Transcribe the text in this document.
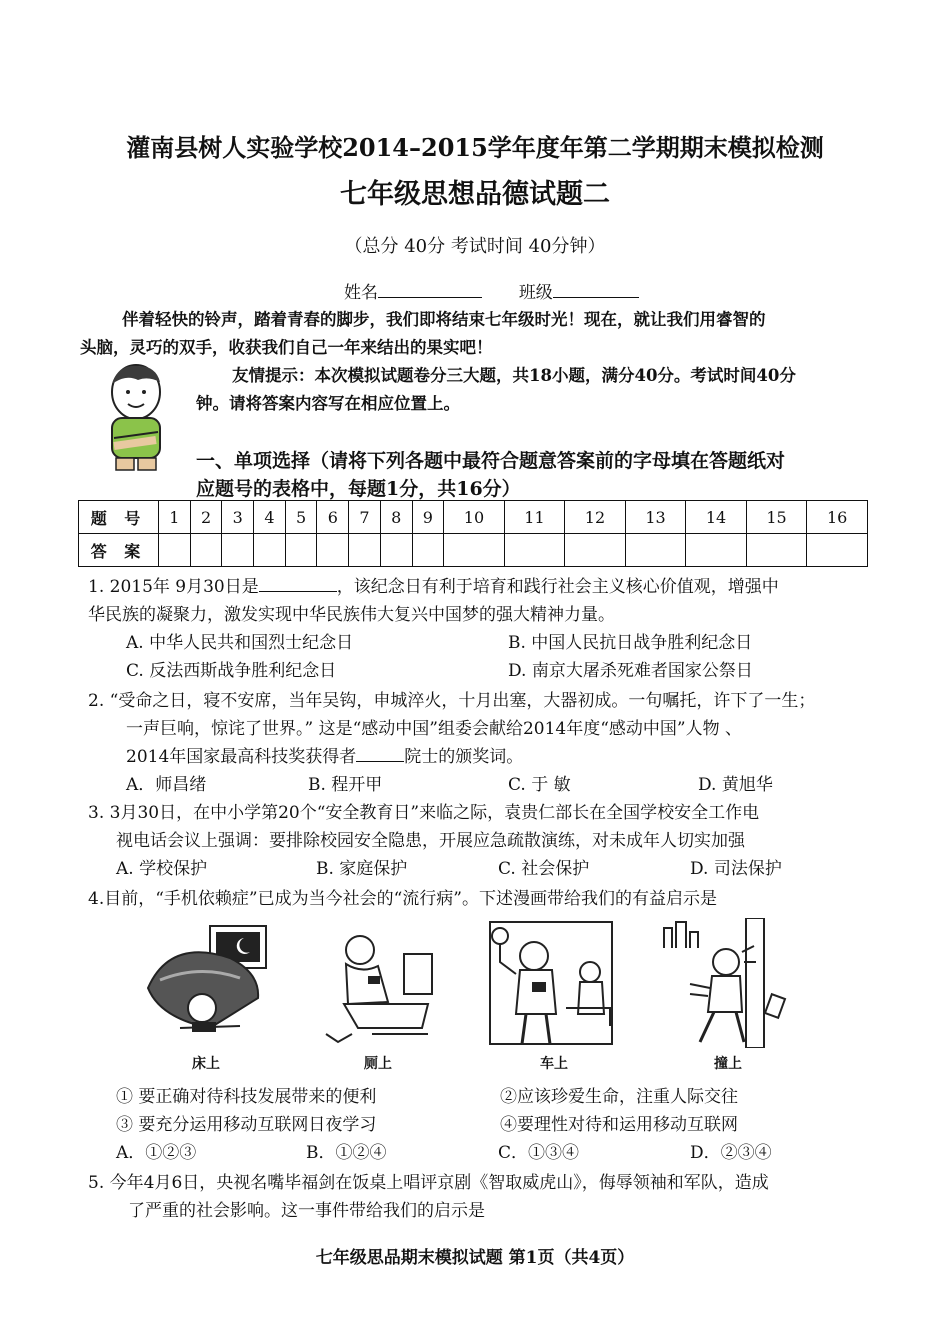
灌南县树人实验学校2014–2015学年度年第二学期期末模拟检测
七年级思想品德试题二
（总分 40分 考试时间 40分钟）
姓名	班级
伴着轻快的铃声，踏着青春的脚步，我们即将结束七年级时光！现在，就让我们用睿智的
头脑，灵巧的双手，收获我们自己一年来结出的果实吧！
友情提示：本次模拟试题卷分三大题，共18小题，满分40分。考试时间40分
钟。请将答案内容写在相应位置上。
一、单项选择（请将下列各题中最符合题意答案前的字母填在答题纸对
应题号的表格中，每题1分，共16分）
题 号	1	2	3	4	5	6	7	8	9	10	11	12	13	14	15	16
答 案																
1. 2015年 9月30日是	，该纪念日有利于培育和践行社会主义核心价值观，增强中
华民族的凝聚力，激发实现中华民族伟大复兴中国梦的强大精神力量。
A. 中华人民共和国烈士纪念日	B. 中国人民抗日战争胜利纪念日
C. 反法西斯战争胜利纪念日	D. 南京大屠杀死难者国家公祭日
2. “受命之日，寝不安席，当年吴钩，申城淬火，十月出塞，大器初成。一句嘱托，许下了一生；
一声巨响，惊诧了世界。” 这是“感动中国”组委会献给2014年度“感动中国”人物 、
2014年国家最高科技奖获得者	院士的颁奖词。
A．师昌绪	B. 程开甲	C. 于 敏	D. 黄旭华
3. 3月30日，在中小学第20个“安全教育日”来临之际，袁贵仁部长在全国学校安全工作电
视电话会议上强调：要排除校园安全隐患，开展应急疏散演练，对未成年人切实加强
A. 学校保护	B. 家庭保护	C. 社会保护	D. 司法保护
4.目前，“手机依赖症”已成为当今社会的“流行病”。下述漫画带给我们的有益启示是
床上	厕上	车上	撞上
① 要正确对待科技发展带来的便利	②应该珍爱生命，注重人际交往
③ 要充分运用移动互联网日夜学习	④要理性对待和运用移动互联网
A．①②③	B．①②④	C．①③④	D．②③④
5. 今年4月6日，央视名嘴毕福剑在饭桌上唱评京剧《智取威虎山》，侮辱领袖和军队，造成
了严重的社会影响。这一事件带给我们的启示是
七年级思品期末模拟试题 第1页（共4页）
